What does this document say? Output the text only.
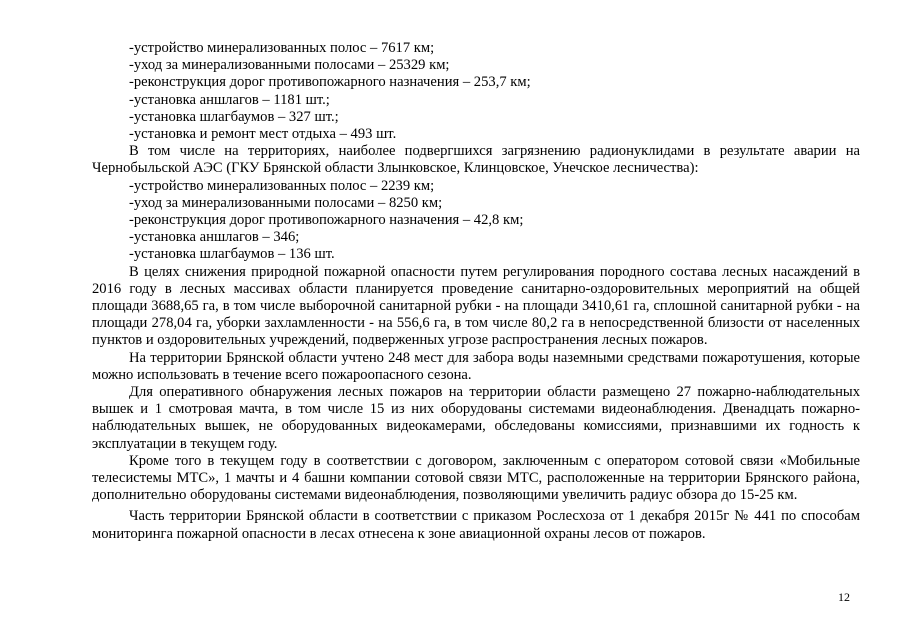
-устройство минерализованных полос – 7617 км;

-уход за минерализованными полосами – 25329 км;

-реконструкция дорог противопожарного назначения – 253,7 км;

-установка аншлагов – 1181 шт.;

-установка шлагбаумов – 327 шт.;

-установка и ремонт мест отдыха – 493 шт.

В том числе на территориях, наиболее подвергшихся загрязнению радионуклидами в результате аварии на Чернобыльской АЭС (ГКУ Брянской области Злынковское, Клинцовское, Унечское лесничества):

-устройство минерализованных полос – 2239 км;

-уход за минерализованными полосами – 8250 км;

-реконструкция дорог противопожарного назначения – 42,8 км;

-установка аншлагов – 346;

-установка шлагбаумов – 136 шт.

В целях снижения природной пожарной опасности путем регулирования породного состава лесных насаждений в 2016 году в лесных массивах области планируется проведение санитарно-оздоровительных мероприятий на общей площади 3688,65 га, в том числе выборочной санитарной рубки - на площади 3410,61 га, сплошной санитарной рубки - на площади 278,04 га, уборки захламленности - на 556,6 га, в том числе 80,2 га в непосредственной близости от населенных пунктов и оздоровительных учреждений, подверженных угрозе распространения лесных пожаров.

На территории Брянской области учтено 248 мест для забора воды наземными средствами пожаротушения, которые можно использовать в течение всего пожароопасного сезона.

Для оперативного обнаружения лесных пожаров на территории области размещено 27 пожарно-наблюдательных вышек и 1 смотровая мачта, в том числе 15 из них оборудованы системами видеонаблюдения. Двенадцать пожарно-наблюдательных вышек, не оборудованных видеокамерами, обследованы комиссиями, признавшими их годность к эксплуатации в текущем году.

Кроме того в текущем году в соответствии с договором, заключенным с оператором сотовой связи «Мобильные телесистемы МТС», 1 мачты и 4 башни компании сотовой связи МТС, расположенные на территории Брянского района, дополнительно оборудованы системами видеонаблюдения, позволяющими увеличить радиус обзора до 15-25 км.

Часть территории Брянской области в соответствии с приказом Рослесхоза от 1 декабря 2015г № 441 по способам мониторинга пожарной опасности в лесах отнесена к зоне авиационной охраны лесов от пожаров.

12
